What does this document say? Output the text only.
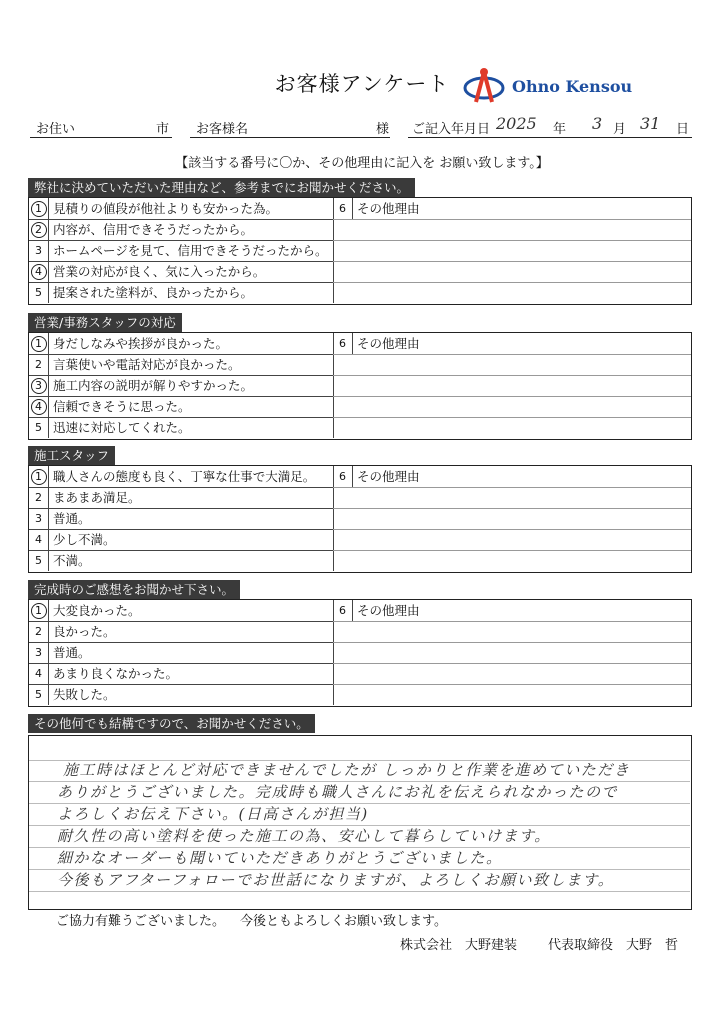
お客様アンケート	Ohno Kensou
お住い	市 お客様名	様 ご記入年月日 2025 年 3 月 31 日
【該当する番号に〇か、その他理由に記入を お願い致します。】
弊社に決めていただいた理由など、参考までにお聞かせください。
1 見積りの値段が他社よりも安かった為。	6 その他理由
2 内容が、信用できそうだったから。
3 ホームページを見て、信用できそうだったから。
4 営業の対応が良く、気に入ったから。
5 提案された塗料が、良かったから。
営業/事務スタッフの対応
1 身だしなみや挨拶が良かった。	6 その他理由
2 言葉使いや電話対応が良かった。
3 施工内容の説明が解りやすかった。
4 信頼できそうに思った。
5 迅速に対応してくれた。
施工スタッフ
1 職人さんの態度も良く、丁寧な仕事で大満足。	6 その他理由
2 まあまあ満足。
3 普通。
4 少し不満。
5 不満。
完成時のご感想をお聞かせ下さい。
1 大変良かった。	6 その他理由
2 良かった。
3 普通。
4 あまり良くなかった。
5 失敗した。
その他何でも結構ですので、お聞かせください。
施工時はほとんど対応できませんでしたが しっかりと作業を進めていただき
ありがとうございました。完成時も職人さんにお礼を伝えられなかったので
よろしくお伝え下さい。(日高さんが担当)
耐久性の高い塗料を使った施工の為、安心して暮らしていけます。
細かなオーダーも聞いていただきありがとうございました。
今後もアフターフォローでお世話になりますが、よろしくお願い致します。
ご協力有難うございました。 今後ともよろしくお願い致します。
株式会社　大野建装 代表取締役　大野　哲
